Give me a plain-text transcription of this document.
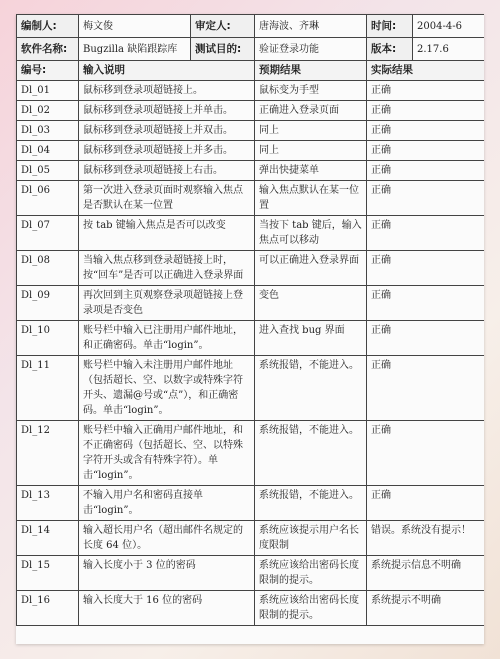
编制人:	梅文俊	审定人:	唐海波、齐琳	时间:	2004-4-6
软件名称:	Bugzilla 缺陷跟踪库	测试目的:	验证登录功能	版本:	2.17.6
编号:	输入说明		预期结果	实际结果	
Dl_01	鼠标移到登录项超链接上。		鼠标变为手型	正确	
Dl_02	鼠标移到登录项超链接上并单击。		正确进入登录页面	正确	
Dl_03	鼠标移到登录项超链接上并双击。		同上	正确	
Dl_04	鼠标移到登录项超链接上并多击。		同上	正确	
Dl_05	鼠标移到登录项超链接上右击。		弹出快捷菜单	正确	
Dl_06	第一次进入登录页面时观察输入焦点是否默认在某一位置		输入焦点默认在某一位置	正确	
Dl_07	按 tab 键输入焦点是否可以改变		当按下 tab 键后，输入焦点可以移动	正确	
Dl_08	当输入焦点移到登录超链接上时，按“回车”是否可以正确进入登录界面		可以正确进入登录界面	正确	
Dl_09	再次回到主页观察登录项超链接上登录项是否变色		变色	正确	
Dl_10	账号栏中输入已注册用户邮件地址，和正确密码。单击“login”。		进入查找 bug 界面	正确	
Dl_11	账号栏中输入未注册用户邮件地址（包括超长、空、以数字或特殊字符开头、遗漏@号或“点”），和正确密码。单击“login”。		系统报错，不能进入。	正确	
Dl_12	账号栏中输入正确用户邮件地址，和不正确密码（包括超长、空、以特殊字符开头或含有特殊字符）。单击“login”。		系统报错，不能进入。	正确	
Dl_13	不输入用户名和密码直接单击“login”。		系统报错，不能进入。	正确	
Dl_14	输入超长用户名（超出邮件名规定的长度 64 位）。		系统应该提示用户名长度限制	错误。系统没有提示！	
Dl_15	输入长度小于 3 位的密码		系统应该给出密码长度限制的提示。	系统提示信息不明确	
Dl_16	输入长度大于 16 位的密码		系统应该给出密码长度限制的提示。	系统提示不明确	
